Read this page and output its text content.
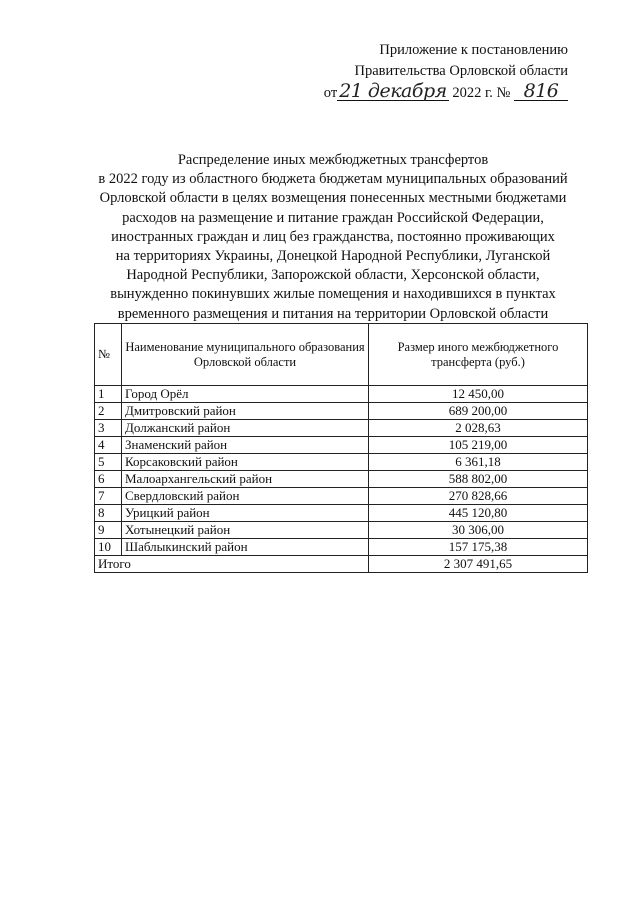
Приложение к постановлению
Правительства Орловской области
от 21 декабря 2022 г. № 816
Распределение иных межбюджетных трансфертов
в 2022 году из областного бюджета бюджетам муниципальных образований
Орловской области в целях возмещения понесенных местными бюджетами
расходов на размещение и питание граждан Российской Федерации,
иностранных граждан и лиц без гражданства, постоянно проживающих
на территориях Украины, Донецкой Народной Республики, Луганской
Народной Республики, Запорожской области, Херсонской области,
вынужденно покинувших жилые помещения и находившихся в пунктах
временного размещения и питания на территории Орловской области
№	Наименование муниципального образования Орловской области	Размер иного межбюджетного трансферта (руб.)
1	Город Орёл	12 450,00
2	Дмитровский район	689 200,00
3	Должанский район	2 028,63
4	Знаменский район	105 219,00
5	Корсаковский район	6 361,18
6	Малоархангельский район	588 802,00
7	Свердловский район	270 828,66
8	Урицкий район	445 120,80
9	Хотынецкий район	30 306,00
10	Шаблыкинский район	157 175,38
Итого		2 307 491,65
